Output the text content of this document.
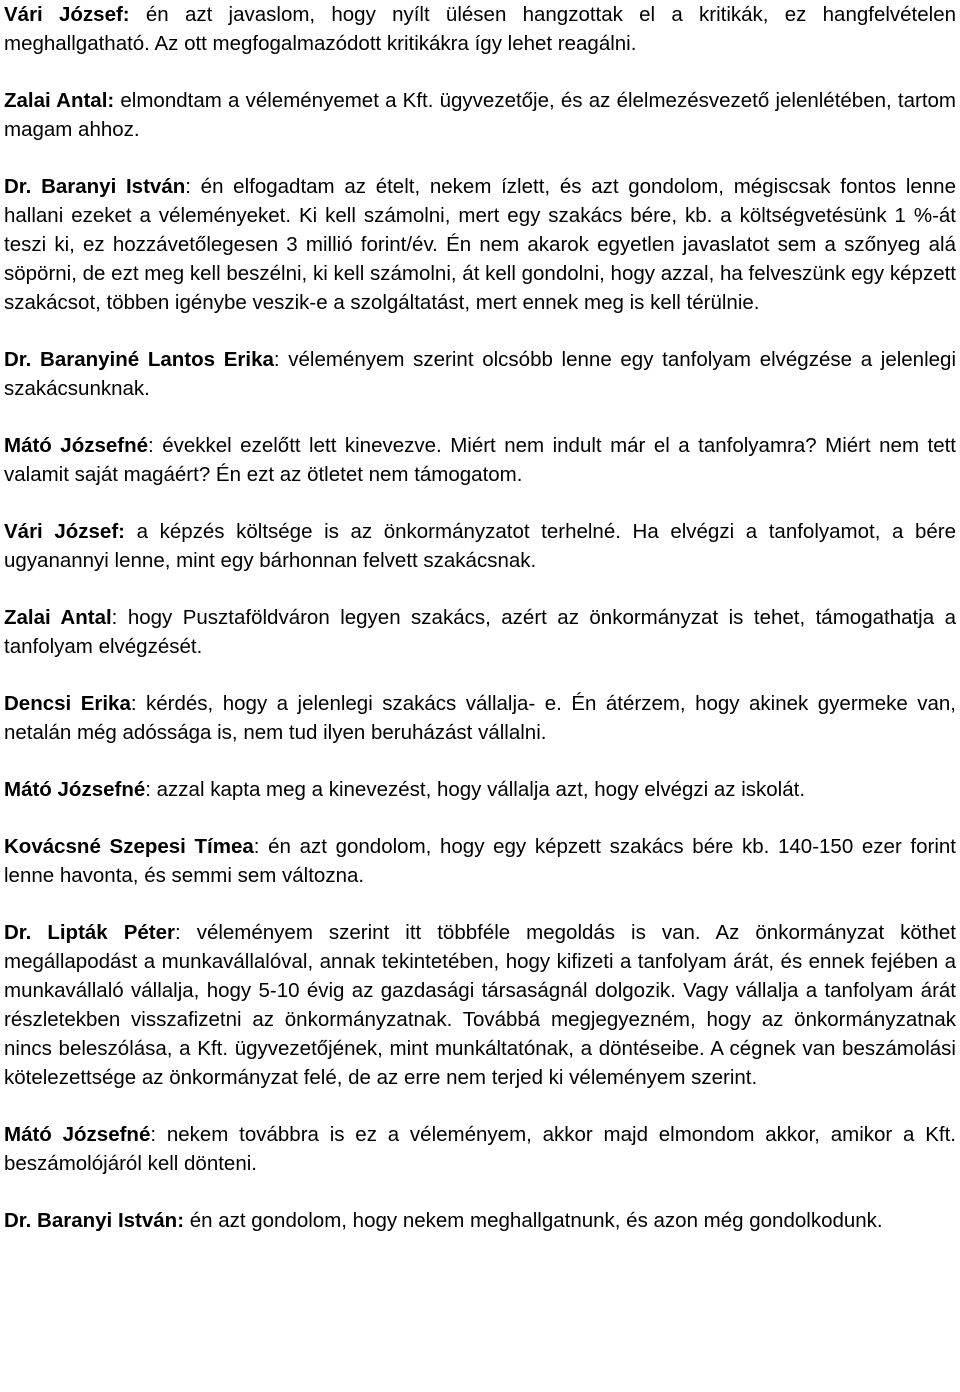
Vári József: én azt javaslom, hogy nyílt ülésen hangzottak el a kritikák, ez hangfelvételen meghallgatható. Az ott megfogalmazódott kritikákra így lehet reagálni.

Zalai Antal: elmondtam a véleményemet a Kft. ügyvezetője, és az élelmezésvezető jelenlétében, tartom magam ahhoz.

Dr. Baranyi István: én elfogadtam az ételt, nekem ízlett, és azt gondolom, mégiscsak fontos lenne hallani ezeket a véleményeket. Ki kell számolni, mert egy szakács bére, kb. a költségvetésünk 1 %-át teszi ki, ez hozzávetőlegesen 3 millió forint/év. Én nem akarok egyetlen javaslatot sem a szőnyeg alá söpörni, de ezt meg kell beszélni, ki kell számolni, át kell gondolni, hogy azzal, ha felveszünk egy képzett szakácsot, többen igénybe veszik-e a szolgáltatást, mert ennek meg is kell térülnie.

Dr. Baranyiné Lantos Erika: véleményem szerint olcsóbb lenne egy tanfolyam elvégzése a jelenlegi szakácsunknak.

Mátó Józsefné: évekkel ezelőtt lett kinevezve. Miért nem indult már el a tanfolyamra? Miért nem tett valamit saját magáért? Én ezt az ötletet nem támogatom.

Vári József: a képzés költsége is az önkormányzatot terhelné. Ha elvégzi a tanfolyamot, a bére ugyanannyi lenne, mint egy bárhonnan felvett szakácsnak.

Zalai Antal: hogy Pusztaföldváron legyen szakács, azért az önkormányzat is tehet, támogathatja a tanfolyam elvégzését.

Dencsi Erika: kérdés, hogy a jelenlegi szakács vállalja- e. Én átérzem, hogy akinek gyermeke van, netalán még adóssága is, nem tud ilyen beruházást vállalni.

Mátó Józsefné: azzal kapta meg a kinevezést, hogy vállalja azt, hogy elvégzi az iskolát.

Kovácsné Szepesi Tímea: én azt gondolom, hogy egy képzett szakács bére kb. 140-150 ezer forint lenne havonta, és semmi sem változna.

Dr. Lipták Péter: véleményem szerint itt többféle megoldás is van. Az önkormányzat köthet megállapodást a munkavállalóval, annak tekintetében, hogy kifizeti a tanfolyam árát, és ennek fejében a munkavállaló vállalja, hogy 5-10 évig az gazdasági társaságnál dolgozik. Vagy vállalja a tanfolyam árát részletekben visszafizetni az önkormányzatnak. Továbbá megjegyezném, hogy az önkormányzatnak nincs beleszólása, a Kft. ügyvezetőjének, mint munkáltatónak, a döntéseibe. A cégnek van beszámolási kötelezettsége az önkormányzat felé, de az erre nem terjed ki véleményem szerint.

Mátó Józsefné: nekem továbbra is ez a véleményem, akkor majd elmondom akkor, amikor a Kft. beszámolójáról kell dönteni.

Dr. Baranyi István: én azt gondolom, hogy nekem meghallgatnunk, és azon még gondolkodunk.
